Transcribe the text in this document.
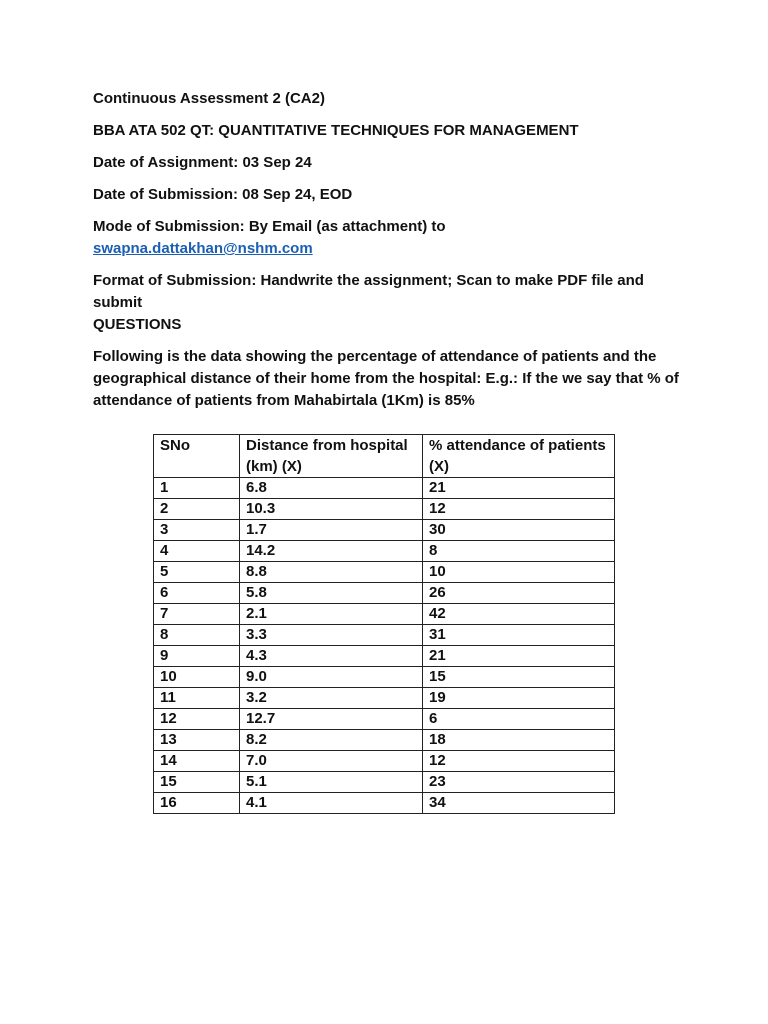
Continuous Assessment 2 (CA2)

BBA ATA 502 QT: QUANTITATIVE TECHNIQUES FOR MANAGEMENT

Date of Assignment: 03 Sep 24

Date of Submission: 08 Sep 24, EOD

Mode of Submission: By Email (as attachment) to

swapna.dattakhan@nshm.com

Format of Submission: Handwrite the assignment; Scan to make PDF file and submit

QUESTIONS

Following is the data showing the percentage of attendance of patients and the geographical distance of their home from the hospital: E.g.: If the we say that % of attendance of patients from Mahabirtala (1Km) is 85%

SNo	Distance from hospital (km) (X)	% attendance of patients (X)
1	6.8	21
2	10.3	12
3	1.7	30
4	14.2	8
5	8.8	10
6	5.8	26
7	2.1	42
8	3.3	31
9	4.3	21
10	9.0	15
11	3.2	19
12	12.7	6
13	8.2	18
14	7.0	12
15	5.1	23
16	4.1	34
